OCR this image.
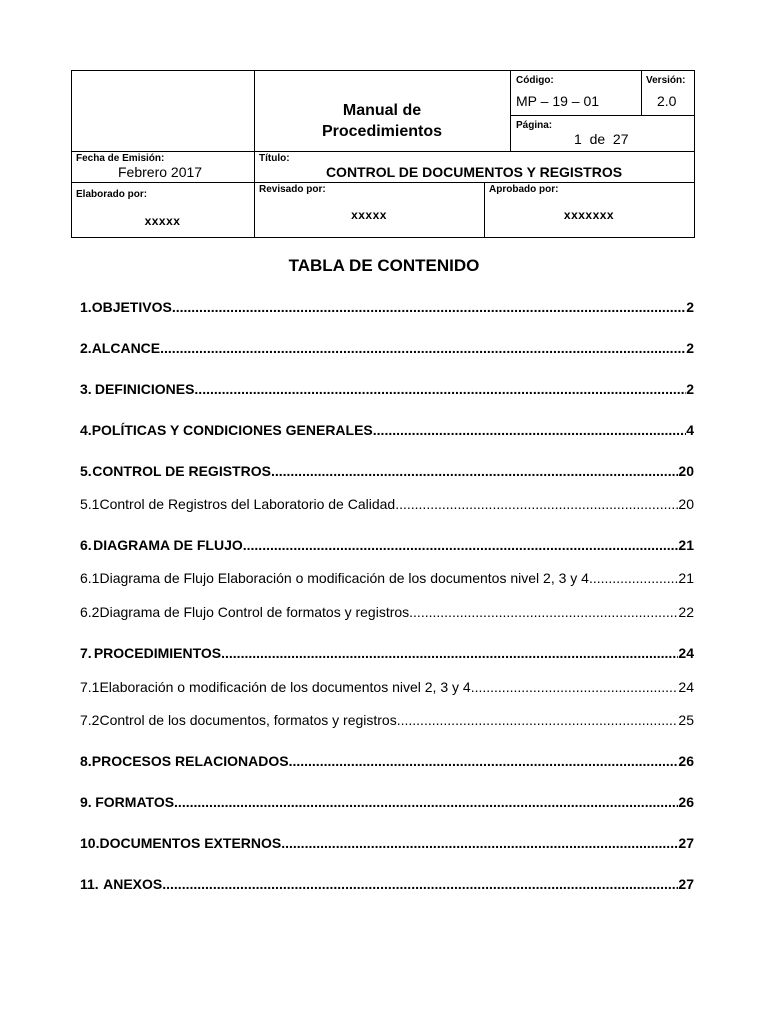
Manual de
Procedimientos
Código:
MP – 19 – 01
Versión:
2.0
Página:
1  de  27
Fecha de Emisión:
Febrero 2017
Título:
CONTROL DE DOCUMENTOS Y REGISTROS
Elaborado por:
xxxxx
Revisado por:
xxxxx
Aprobado por:
xxxxxxx
TABLA DE CONTENIDO
1. OBJETIVOS .....	2
2. ALCANCE .....	2
3. DEFINICIONES .....	2
4. POLÍTICAS Y CONDICIONES GENERALES .....	4
5. CONTROL DE REGISTROS .....	20
5.1 Control de Registros del Laboratorio de Calidad .....	20
6. DIAGRAMA DE FLUJO .....	21
6.1 Diagrama de Flujo Elaboración o modificación de los documentos nivel 2, 3 y 4 .....	21
6.2 Diagrama de Flujo Control de formatos y registros. .....	22
7. PROCEDIMIENTOS .....	24
7.1 Elaboración o modificación de los documentos nivel 2, 3 y 4 .....	24
7.2 Control de los documentos, formatos y registros. .....	25
8. PROCESOS RELACIONADOS .....	26
9. FORMATOS .....	26
10. DOCUMENTOS EXTERNOS .....	27
11. ANEXOS .....	27
